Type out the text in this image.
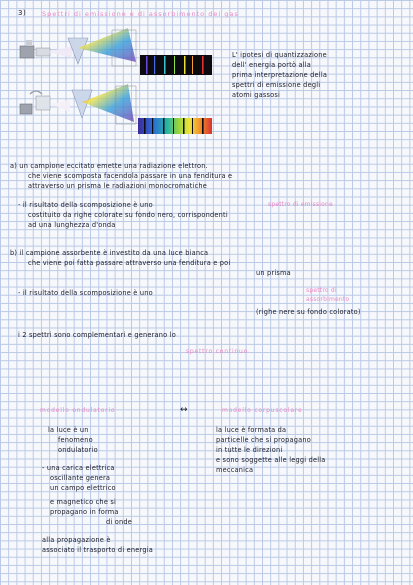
3) Spettri di emissione e di assorbimento dei gas
········
L' ipotesi di quantizzazione
dell' energia portò alla
prima interpretazione della
spettri di emissione degli
atomi gassosi
a) un campione eccitato emette una radiazione elettron.
che viene scomposta facendola passare in una fenditura e
attraverso un prisma le radiazioni monocromatiche
- il risultato della scomposizione è uno	spettro di emissione
costituito da righe colorate su fondo nero, corrispondenti
ad una lunghezza d'onda
b) il campione assorbente è investito da una luce bianca
che viene poi fatta passare attraverso una fenditura e poi
un prisma
- il risultato della scomposizione è uno	spettro di
assorbimento
(righe nere su fondo colorato)
i 2 spettri sono complementari e generano lo
spettro continuo
modello ondulatorio	↔	modello corpuscolare
la luce è un
fenomeno
ondulatorio
- una carica elettrica
oscillante genera
un campo elettrico
e magnetico che si
propagano in forma
di onde
alla propagazione è
associato il trasporto di energia
la luce è formata da
particelle che si propagano
in tutte le direzioni
e sono soggette alle leggi della
meccanica
